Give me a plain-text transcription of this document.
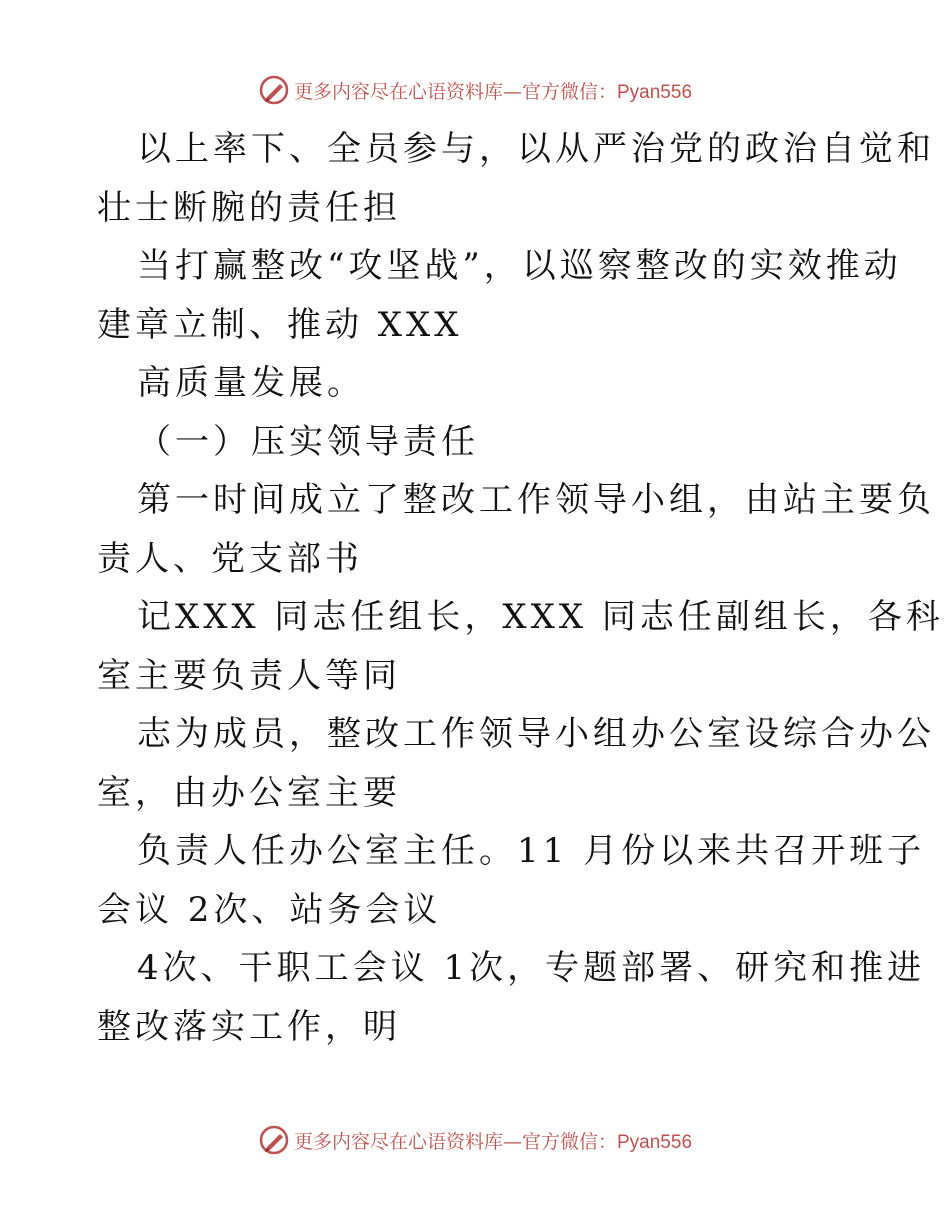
更多内容尽在心语资料库—官方微信：Pyan556
以上率下、全员参与，以从严治党的政治自觉和
壮士断腕的责任担
当打赢整改“攻坚战”，以巡察整改的实效推动
建章立制、推动 XXX
高质量发展。
（一）压实领导责任
第一时间成立了整改工作领导小组，由站主要负
责人、党支部书
记XXX 同志任组长，XXX 同志任副组长，各科
室主要负责人等同
志为成员，整改工作领导小组办公室设综合办公
室，由办公室主要
负责人任办公室主任。11 月份以来共召开班子
会议 2次、站务会议
4次、干职工会议 1次，专题部署、研究和推进
整改落实工作，明
更多内容尽在心语资料库—官方微信：Pyan556
